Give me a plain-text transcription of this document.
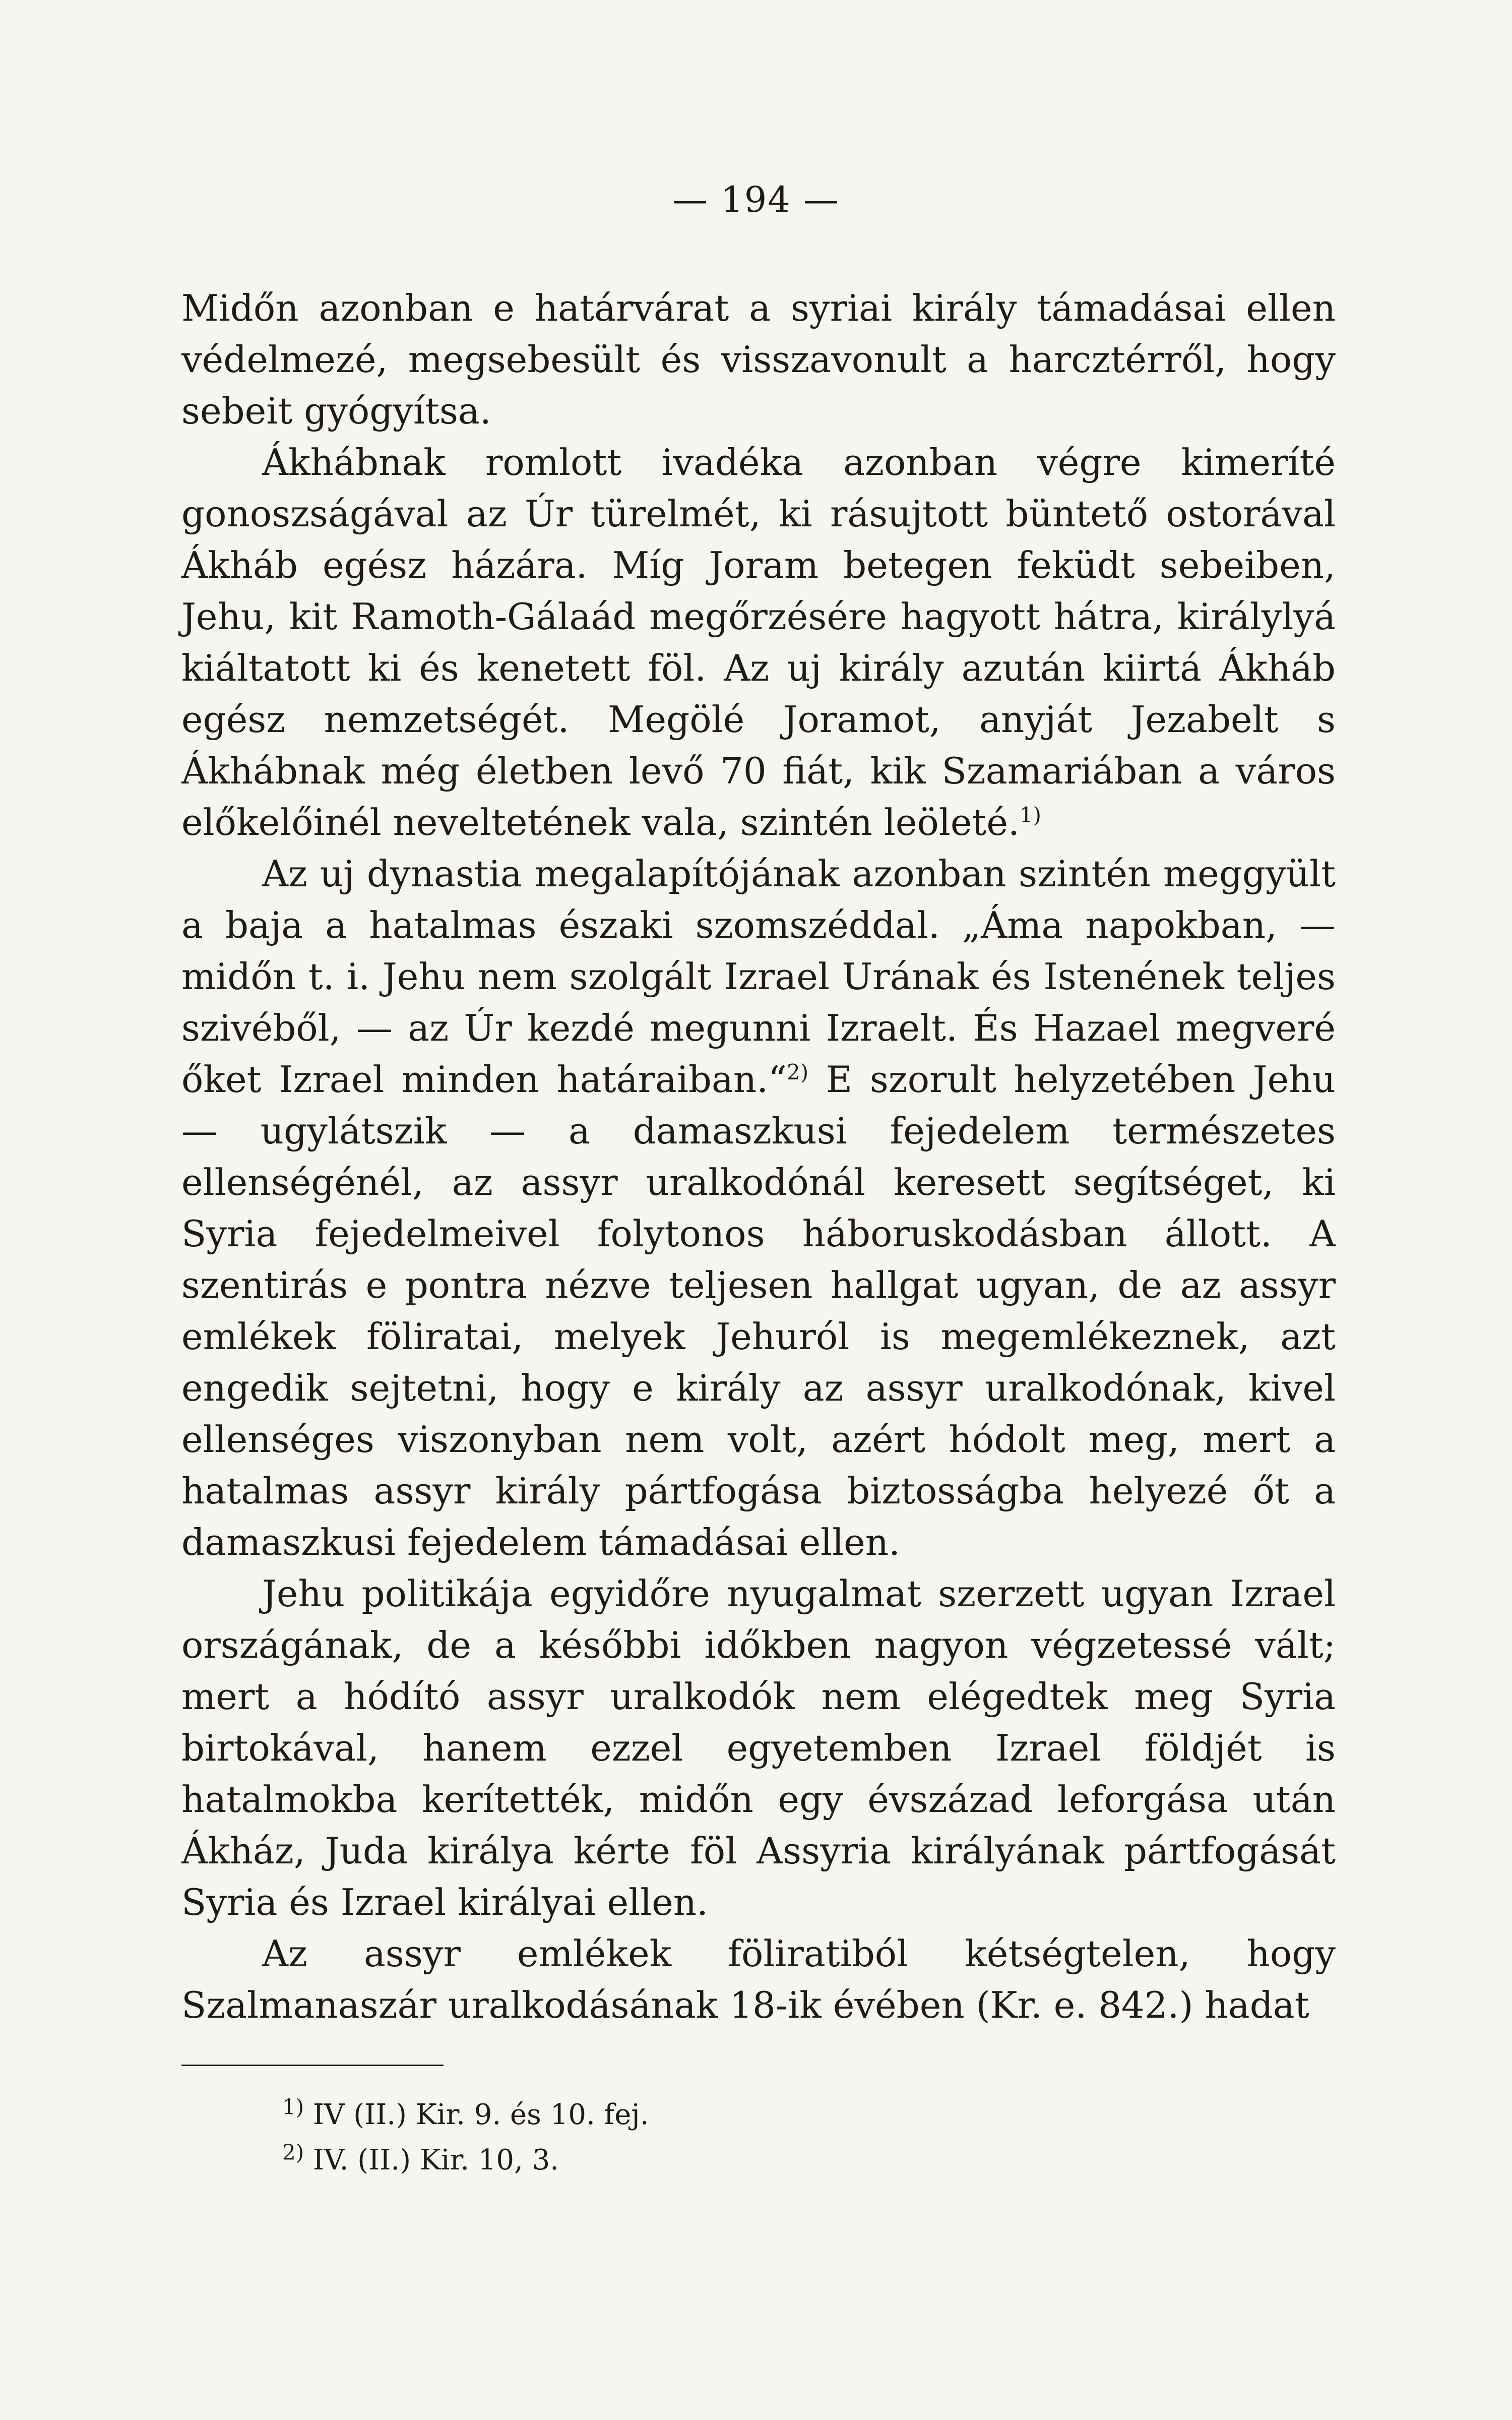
— 194 —

Midőn azonban e határvárat a syriai király támadásai ellen védelmezé, megsebesült és visszavonult a harcztérről, hogy sebeit gyógyítsa.

Ákhábnak romlott ivadéka azonban végre kimeríté gonoszságával az Úr türelmét, ki rásujtott büntető ostorával Ákháb egész házára. Míg Joram betegen feküdt sebeiben, Jehu, kit Ramoth-Gálaád megőrzésére hagyott hátra, királylyá kiáltatott ki és kenetett föl. Az uj király azután kiirtá Ákháb egész nemzetségét. Megölé Joramot, anyját Jezabelt s Ákhábnak még életben levő 70 fiát, kik Szamariában a város előkelőinél neveltetének vala, szintén leöleté.$^{1)}$

Az uj dynastia megalapítójának azonban szintén meggyült a baja a hatalmas északi szomszéddal. „Áma napokban, — midőn t. i. Jehu nem szolgált Izrael Urának és Istenének teljes szivéből, — az Úr kezdé megunni Izraelt. És Hazael megveré őket Izrael minden határaiban.“$^{2)}$ E szorult helyzetében Jehu — ugylátszik — a damaszkusi fejedelem természetes ellenségénél, az assyr uralkodónál keresett segítséget, ki Syria fejedelmeivel folytonos háboruskodásban állott. A szentirás e pontra nézve teljesen hallgat ugyan, de az assyr emlékek föliratai, melyek Jehuról is megemlékeznek, azt engedik sejtetni, hogy e király az assyr uralkodónak, kivel ellenséges viszonyban nem volt, azért hódolt meg, mert a hatalmas assyr király pártfogása biztosságba helyezé őt a damaszkusi fejedelem támadásai ellen.

Jehu politikája egyidőre nyugalmat szerzett ugyan Izrael országának, de a későbbi időkben nagyon végzetessé vált; mert a hódító assyr uralkodók nem elégedtek meg Syria birtokával, hanem ezzel egyetemben Izrael földjét is hatalmokba kerítették, midőn egy évszázad leforgása után Ákház, Juda királya kérte föl Assyria királyának pártfogását Syria és Izrael királyai ellen.

Az assyr emlékek föliratiból kétségtelen, hogy Szalmanaszár uralkodásának 18-ik évében (Kr. e. 842.) hadat

$^{1)}$ IV (II.) Kir. 9. és 10. fej.
$^{2)}$ IV. (II.) Kir. 10, 3.
